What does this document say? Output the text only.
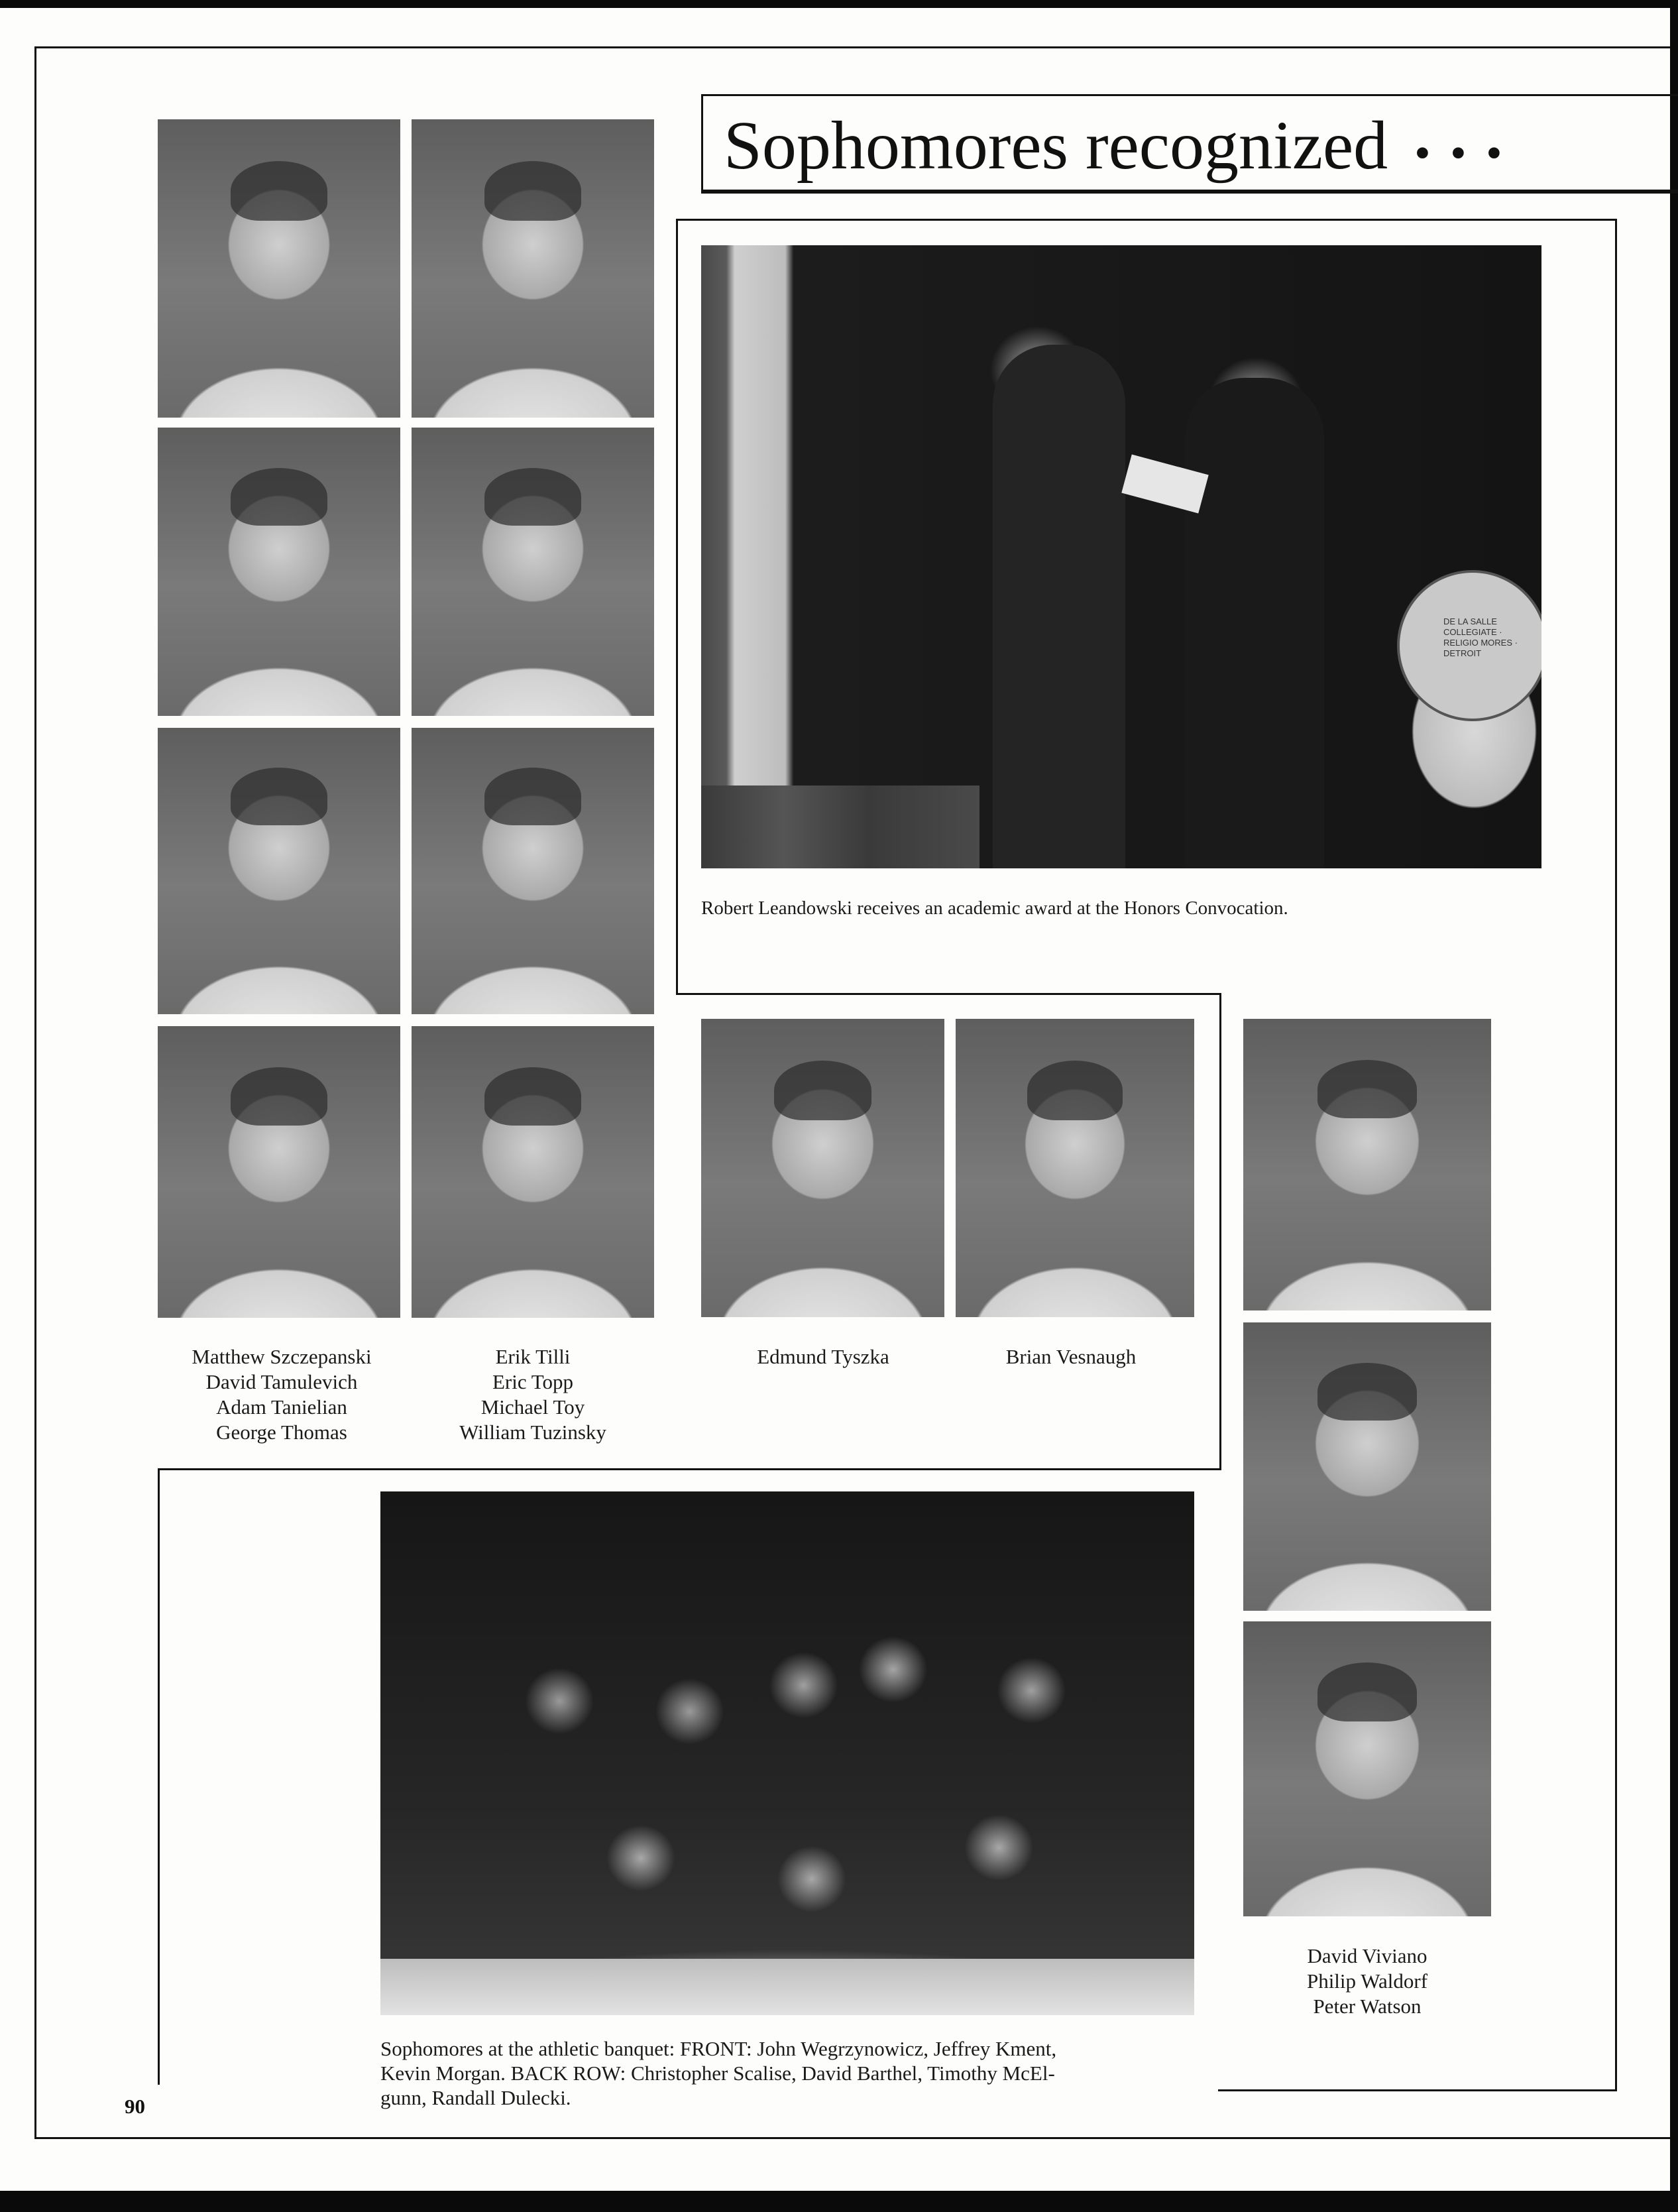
Sophomores recognized • • •
DE LA SALLE COLLEGIATE · RELIGIO MORES · DETROIT
Robert Leandowski receives an academic award at the Honors Convocation.
Matthew Szczepanski
David Tamulevich
Adam Tanielian
George Thomas
Erik Tilli
Eric Topp
Michael Toy
William Tuzinsky
Edmund Tyszka	Brian Vesnaugh
David Viviano
Philip Waldorf
Peter Watson
Sophomores at the athletic banquet: FRONT: John Wegrzynowicz, Jeffrey Kment,
Kevin Morgan. BACK ROW: Christopher Scalise, David Barthel, Timothy McEl-
gunn, Randall Dulecki.
90
